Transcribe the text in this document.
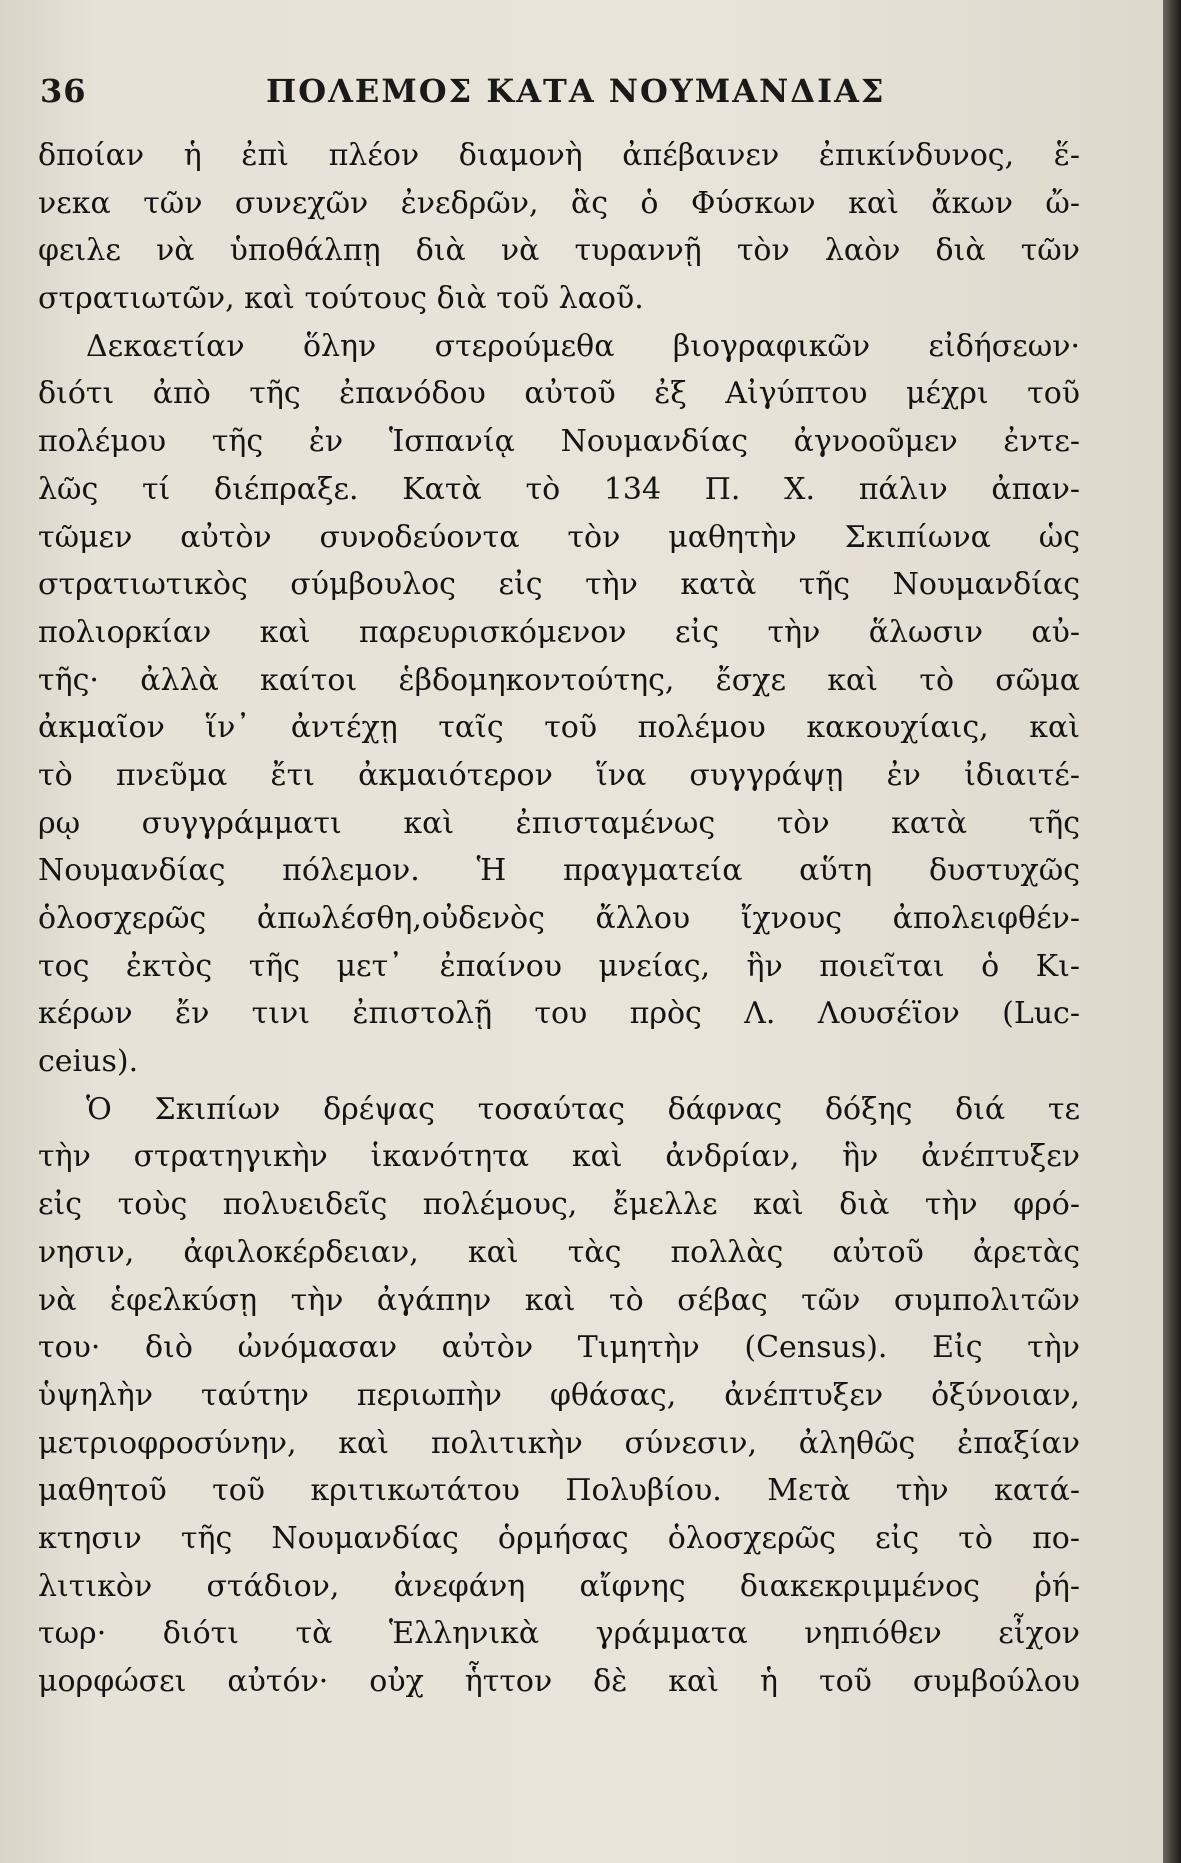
36	ΠΟΛΕΜΟΣ ΚΑΤΑ ΝΟΥΜΑΝΔΙΑΣ
δποίαν ἡ ἐπὶ πλέον διαμονὴ ἀπέβαινεν ἐπικίνδυνος, ἕ-
νεκα τῶν συνεχῶν ἐνεδρῶν, ἃς ὁ Φύσκων καὶ ἄκων ὤ-
φειλε νὰ ὑποθάλπῃ διὰ νὰ τυραννῇ τὸν λαὸν διὰ τῶν
στρατιωτῶν, καὶ τούτους διὰ τοῦ λαοῦ.
Δεκαετίαν ὅλην στερούμεθα βιογραφικῶν εἰδήσεων·
διότι ἀπὸ τῆς ἐπανόδου αὐτοῦ ἐξ Αἰγύπτου μέχρι τοῦ
πολέμου τῆς ἐν Ἱσπανίᾳ Νουμανδίας ἀγνοοῦμεν ἐντε-
λῶς τί διέπραξε. Κατὰ τὸ 134 Π. Χ. πάλιν ἀπαν-
τῶμεν αὐτὸν συνοδεύοντα τὸν μαθητὴν Σκιπίωνα ὡς
στρατιωτικὸς σύμβουλος εἰς τὴν κατὰ τῆς Νουμανδίας
πολιορκίαν καὶ παρευρισκόμενον εἰς τὴν ἅλωσιν αὐ-
τῆς· ἀλλὰ καίτοι ἑβδομηκοντούτης, ἔσχε καὶ τὸ σῶμα
ἀκμαῖον ἵν᾽ ἀντέχῃ ταῖς τοῦ πολέμου κακουχίαις, καὶ
τὸ πνεῦμα ἔτι ἀκμαιότερον ἵνα συγγράψῃ ἐν ἰδιαιτέ-
ρῳ συγγράμματι καὶ ἐπισταμένως τὸν κατὰ τῆς
Νουμανδίας πόλεμον. Ἡ πραγματεία αὕτη δυστυχῶς
ὁλοσχερῶς ἀπωλέσθη,οὐδενὸς ἄλλου ἴχνους ἀπολειφθέν-
τος ἐκτὸς τῆς μετ᾽ ἐπαίνου μνείας, ἣν ποιεῖται ὁ Κι-
κέρων ἔν τινι ἐπιστολῇ του πρὸς Λ. Λουσέϊον (Luc-
ceius).
Ὁ Σκιπίων δρέψας τοσαύτας δάφνας δόξης διά τε
τὴν στρατηγικὴν ἱκανότητα καὶ ἀνδρίαν, ἣν ἀνέπτυξεν
εἰς τοὺς πολυειδεῖς πολέμους, ἔμελλε καὶ διὰ τὴν φρό-
νησιν, ἀφιλοκέρδειαν, καὶ τὰς πολλὰς αὐτοῦ ἀρετὰς
νὰ ἑφελκύσῃ τὴν ἀγάπην καὶ τὸ σέβας τῶν συμπολιτῶν
του· διὸ ὠνόμασαν αὐτὸν Τιμητὴν (Census). Εἰς τὴν
ὑψηλὴν ταύτην περιωπὴν φθάσας, ἀνέπτυξεν ὀξύνοιαν,
μετριοφροσύνην, καὶ πολιτικὴν σύνεσιν, ἀληθῶς ἐπαξίαν
μαθητοῦ τοῦ κριτικωτάτου Πολυβίου. Μετὰ τὴν κατά-
κτησιν τῆς Νουμανδίας ὁρμήσας ὁλοσχερῶς εἰς τὸ πο-
λιτικὸν στάδιον, ἀνεφάνη αἴφνης διακεκριμμένος ῥή-
τωρ· διότι τὰ Ἑλληνικὰ γράμματα νηπιόθεν εἶχον
μορφώσει αὐτόν· οὐχ ἧττον δὲ καὶ ἡ τοῦ συμβούλου
